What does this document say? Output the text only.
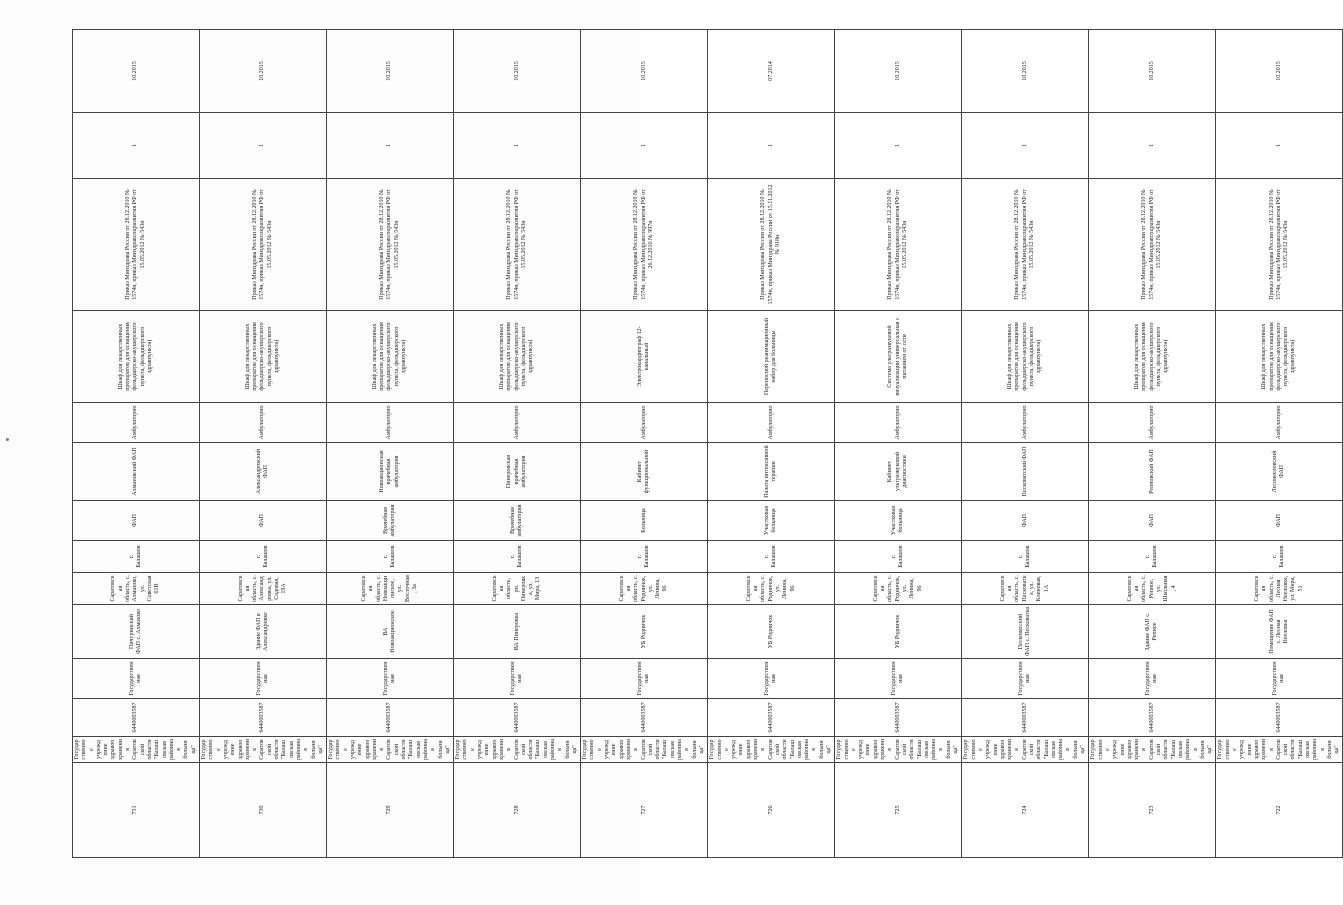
731	Государственное учреждение здравоохранения Саратовской области "Балашовская районная больница"	6440003587	Государственная	Пичуринский ФАП с. Алмазово	Саратовская область, с. Алмазово, ул. Советская 61В	г. Балашов	ФАП	Алмазовский ФАП	Амбулаторно	Шкаф для лекарственных препаратов для оснащения фельдшерско-акушерского пункта, фельдшерского здравпункта)	Приказ Минздрава России от 28.12.2010 № 1574н, приказ Минздравсоцразвития РФ от 15.05.2012 № 543н	1	10.2015
730	Государственное учреждение здравоохранения Саратовской области "Балашовская районная больница"	6440003587	Государственная	Здание ФАП в Александровке	Саратовская область, с. Александровка, ул. Садовая, 19А	г. Балашов	ФАП	Александровский ФАП	Амбулаторно	Шкаф для лекарственных препаратов для оснащения фельдшерско-акушерского пункта, фельдшерского здравпункта)	Приказ Минздрава России от 28.12.2010 № 1574н, приказ Минздравсоцразвития РФ от 15.05.2012 № 543н	1	10.2015
729	Государственное учреждение здравоохранения Саратовской области "Балашовская районная больница"	6440003587	Государственная	ВА Новоакционское	Саратовская область, с. Новоакционское, ул. Восточная, 3а	г. Балашов	Врачебная амбулатория	Новоакционская врачебная амбулатория	Амбулаторно	Шкаф для лекарственных препаратов для оснащения фельдшерско-акушерского пункта, фельдшерского здравпункта)	Приказ Минздрава России от 28.12.2010 № 1574н, приказ Минздравсоцразвития РФ от 15.05.2012 № 543н	1	10.2015
728	Государственное учреждение здравоохранения Саратовской области "Балашовская районная больница"	6440003587	Государственная	ВА Пинеровка	Саратовская область, рп. Пинеровка, ул. Мира, 13	г. Балашов	Врачебная амбулатория	Пинеровская врачебная амбулатория	Амбулаторно	Шкаф для лекарственных препаратов для оснащения фельдшерско-акушерского пункта, фельдшерского здравпункта)	Приказ Минздрава России от 28.12.2010 № 1574н, приказ Минздравсоцразвития РФ от 15.05.2012 № 543н	1	10.2015
727	Государственное учреждение здравоохранения Саратовской области "Балашовская районная больница"	6440003587	Государственная	УБ Родничок	Саратовская область, с. Родничок, ул. Ленина, 96	г. Балашов	Больница	Кабинет функциональной	Амбулаторно	Электрокардиограф 12-канальный	Приказ Минздрава России от 28.12.2010 № 1574н, приказ Минздравсоцразвития РФ от 26.12.2016 № 997н	1	10.2015
726	Государственное учреждение здравоохранения Саратовской области "Балашовская районная больница"	6440003587	Государственная	УБ Родничок	Саратовская область, с. Родничок, ул. Ленина, 96	г. Балашов	Участковая больница	Палата интенсивной терапии	Амбулаторно	Переносной реанимационный набор для больницы	Приказ Минздрава России от 28.12.2010 № 1574н, приказ Минздрава России от 15.11.2012 № 918н	1	07.2014
725	Государственное учреждение здравоохранения Саратовской области "Балашовская районная больница"	6440003587	Государственная	УБ Родничок	Саратовская область, с. Родничок, ул. Ленина, 96	г. Балашов	Участковая больница	Кабинет ультразвуковой диагностики	Амбулаторно	Система ультразвуковой визуализации универсальная с питанием от сети	Приказ Минздрава России от 28.12.2010 № 1574н, приказ Минздравсоцразвития РФ от 15.05.2012 № 543н	1	10.2015
724	Государственное учреждение здравоохранения Саратовской области "Балашовская районная больница"	6440003587	Государственная	Песковатский ФАП с. Песковатка	Саратовская область, с. Песковатка, ул. Кленовая, 1А	г. Балашов	ФАП	Песковатский ФАП	Амбулаторно	Шкаф для лекарственных препаратов для оснащения фельдшерско-акушерского пункта, фельдшерского здравпункта)	Приказ Минздрава России от 28.12.2010 № 1574н, приказ Минздравсоцразвития РФ от 15.05.2012 № 543н	1	10.2015
723	Государственное учреждение здравоохранения Саратовской области "Балашовская районная больница"	6440003587	Государственная	Здание ФАП с. Репное	Саратовская область, с. Репное, ул. Школьная, 4	г. Балашов	ФАП	Репновский ФАП	Амбулаторно	Шкаф для лекарственных препаратов для оснащения фельдшерско-акушерского пункта, фельдшерского здравпункта)	Приказ Минздрава России от 28.12.2010 № 1574н, приказ Минздравсоцразвития РФ от 15.05.2012 № 543н	1	10.2015
722	Государственное учреждение здравоохранения Саратовской области "Балашовская районная больница"	6440003587	Государственная	Помещение ФАП с. Лесная Нееловка	Саратовская область, с. Лесная Нееловка, ул. Мира, 51	г. Балашов	ФАП	Лесонееловский ФАП	Амбулаторно	Шкаф для лекарственных препаратов для оснащения фельдшерско-акушерского пункта, фельдшерского здравпункта)	Приказ Минздрава России от 28.12.2010 № 1574н, приказ Минздравсоцразвития РФ от 15.05.2012 № 543н	1	10.2015
